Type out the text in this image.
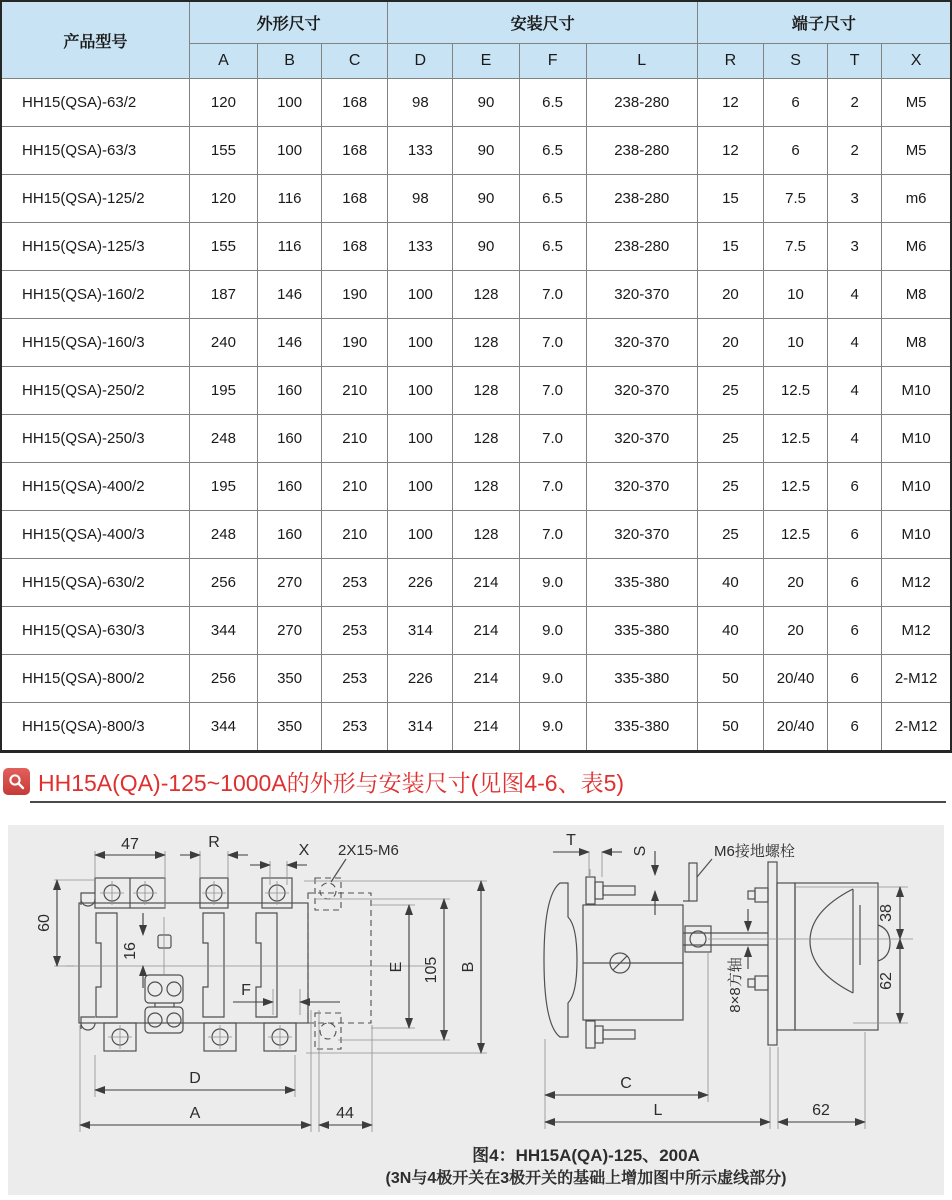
产品型号	外形尺寸			安装尺寸				端子尺寸			
	A	B	C	D	E	F	L	R	S	T	X
HH15(QSA)-63/2	120	100	168	98	90	6.5	238-280	12	6	2	M5
HH15(QSA)-63/3	155	100	168	133	90	6.5	238-280	12	6	2	M5
HH15(QSA)-125/2	120	116	168	98	90	6.5	238-280	15	7.5	3	m6
HH15(QSA)-125/3	155	116	168	133	90	6.5	238-280	15	7.5	3	M6
HH15(QSA)-160/2	187	146	190	100	128	7.0	320-370	20	10	4	M8
HH15(QSA)-160/3	240	146	190	100	128	7.0	320-370	20	10	4	M8
HH15(QSA)-250/2	195	160	210	100	128	7.0	320-370	25	12.5	4	M10
HH15(QSA)-250/3	248	160	210	100	128	7.0	320-370	25	12.5	4	M10
HH15(QSA)-400/2	195	160	210	100	128	7.0	320-370	25	12.5	6	M10
HH15(QSA)-400/3	248	160	210	100	128	7.0	320-370	25	12.5	6	M10
HH15(QSA)-630/2	256	270	253	226	214	9.0	335-380	40	20	6	M12
HH15(QSA)-630/3	344	270	253	314	214	9.0	335-380	40	20	6	M12
HH15(QSA)-800/2	256	350	253	226	214	9.0	335-380	50	20/40	6	2-M12
HH15(QSA)-800/3	344	350	253	314	214	9.0	335-380	50	20/40	6	2-M12
HH15A(QA)-125~1000A的外形与安装尺寸(见图4-6、表5)
47	R	X 2X15-M6
60
16
E 105 B
F
D
A	44
T
S	M6接地螺栓
8×8方轴
38
62
C
L	62
图4：HH15A(QA)-125、200A
(3N与4极开关在3极开关的基础上增加图中所示虚线部分)
